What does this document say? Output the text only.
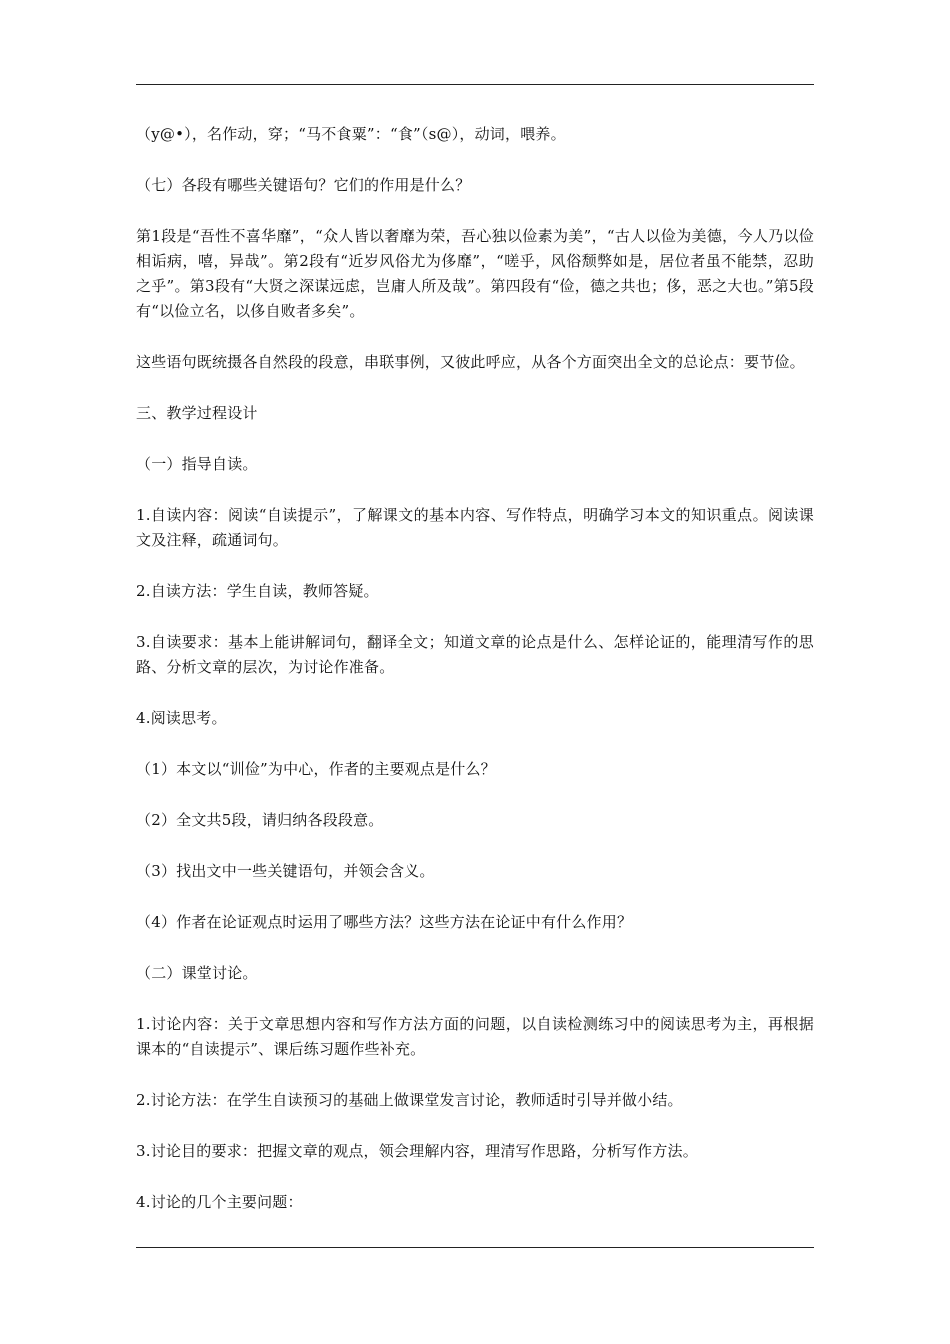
（y@•），名作动，穿；“马不食粟”：“食”（s@），动词，喂养。

（七）各段有哪些关键语句？它们的作用是什么？

第1段是“吾性不喜华靡”，“众人皆以奢靡为荣，吾心独以俭素为美”，“古人以俭为美德，今人乃以俭相诟病，嘻，异哉”。第2段有“近岁风俗尤为侈靡”，“嗟乎，风俗颓弊如是，居位者虽不能禁，忍助之乎”。第3段有“大贤之深谋远虑，岂庸人所及哉”。第四段有“俭，德之共也；侈，恶之大也。”第5段有“以俭立名，以侈自败者多矣”。

这些语句既统摄各自然段的段意，串联事例，又彼此呼应，从各个方面突出全文的总论点：要节俭。

三、教学过程设计

（一）指导自读。

1.自读内容：阅读“自读提示”，了解课文的基本内容、写作特点，明确学习本文的知识重点。阅读课文及注释，疏通词句。

2.自读方法：学生自读，教师答疑。

3.自读要求：基本上能讲解词句，翻译全文；知道文章的论点是什么、怎样论证的，能理清写作的思路、分析文章的层次，为讨论作准备。

4.阅读思考。

（1）本文以“训俭”为中心，作者的主要观点是什么？

（2）全文共5段，请归纳各段段意。

（3）找出文中一些关键语句，并领会含义。

（4）作者在论证观点时运用了哪些方法？这些方法在论证中有什么作用？

（二）课堂讨论。

1.讨论内容：关于文章思想内容和写作方法方面的问题，以自读检测练习中的阅读思考为主，再根据课本的“自读提示”、课后练习题作些补充。

2.讨论方法：在学生自读预习的基础上做课堂发言讨论，教师适时引导并做小结。

3.讨论目的要求：把握文章的观点，领会理解内容，理清写作思路，分析写作方法。

4.讨论的几个主要问题：
